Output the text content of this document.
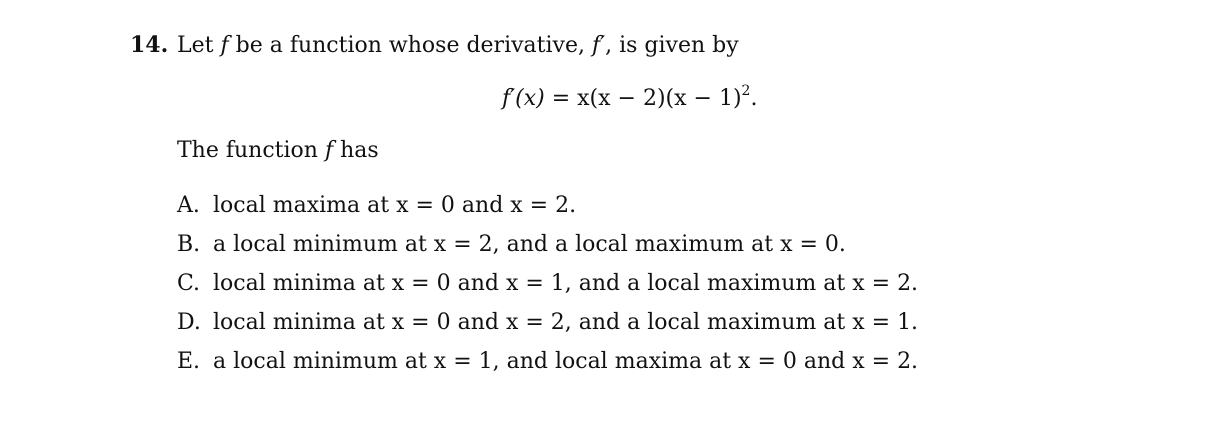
14. Let f be a function whose derivative, f′, is given by
$f'(x) = x(x - 2)(x - 1)^2$.
The function f has
A. local maxima at x = 0 and x = 2.
B. a local minimum at x = 2, and a local maximum at x = 0.
C. local minima at x = 0 and x = 1, and a local maximum at x = 2.
D. local minima at x = 0 and x = 2, and a local maximum at x = 1.
E. a local minimum at x = 1, and local maxima at x = 0 and x = 2.
